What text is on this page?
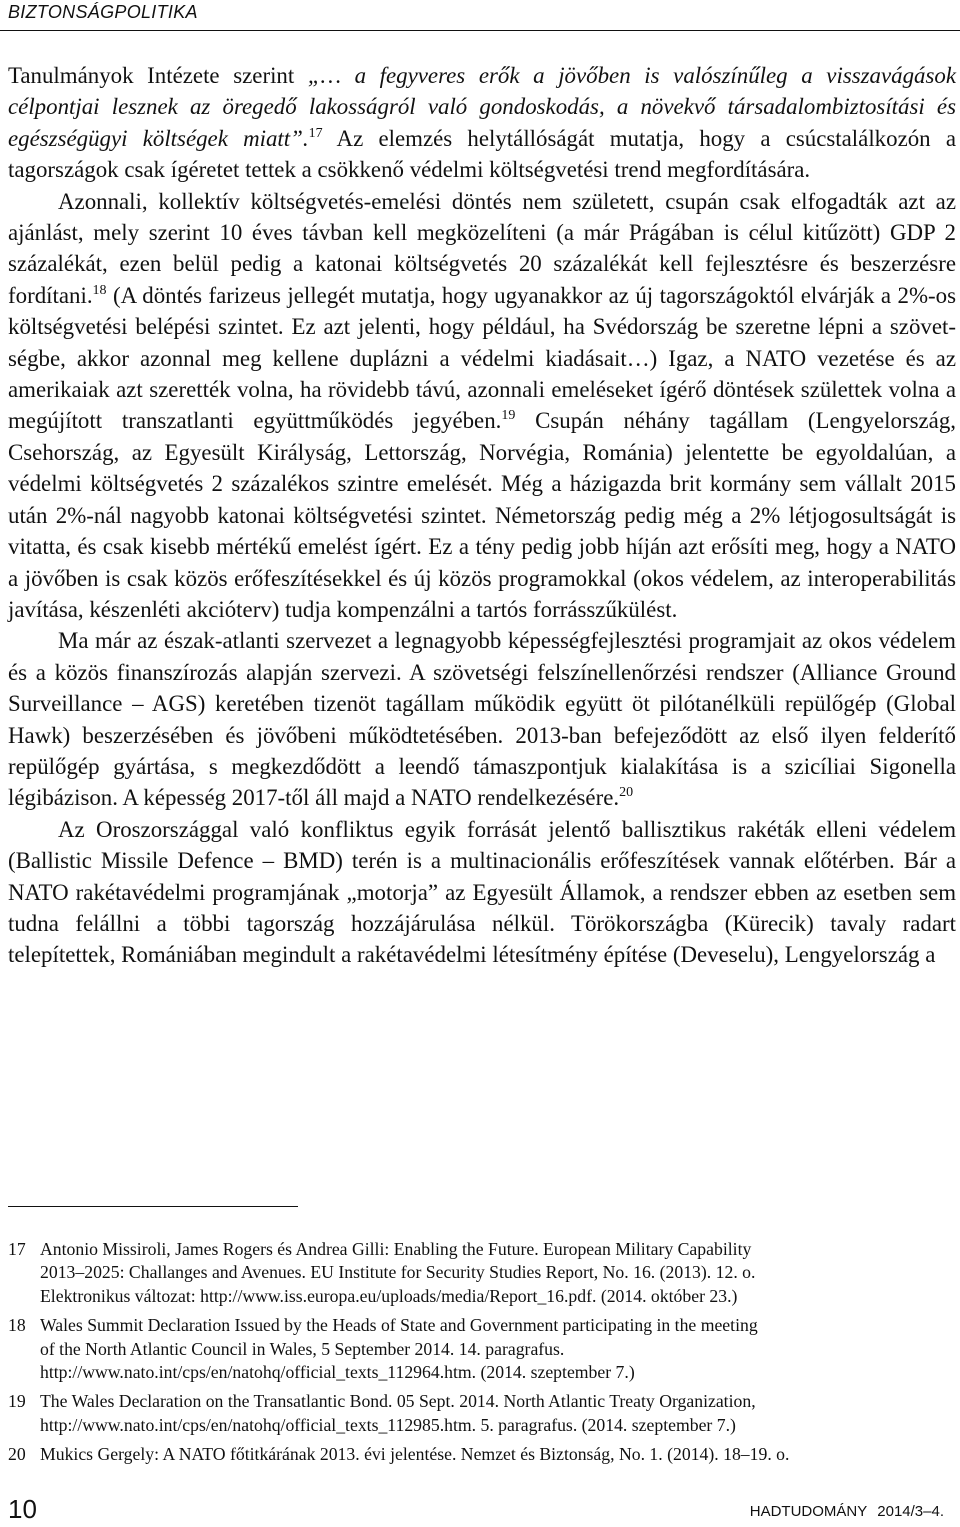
BIZTONSÁGPOLITIKA

Tanulmányok Intézete szerint „… a fegyveres erők a jövőben is valószínűleg a visszavágások célpontjai lesznek az öregedő lakosságról való gondoskodás, a növekvő társadalombiztosítási és egészségügyi költségek miatt”.$^{17}$ Az elemzés helytállóságát mutatja, hogy a csúcstalálkozón a tagországok csak ígéretet tettek a csökkenő védelmi költségvetési trend megfordítására.

Azonnali, kollektív költségvetés-emelési döntés nem született, csupán csak elfogadták azt az ajánlást, mely szerint 10 éves távban kell megközelíteni (a már Prágában is célul kitűzött) GDP 2 százalékát, ezen belül pedig a katonai költségvetés 20 százalékát kell fejlesztésre és beszerzésre fordítani.$^{18}$ (A döntés farizeus jellegét mutatja, hogy ugyanakkor az új tagországoktól elvárják a 2%-os költségvetési belépési szintet. Ez azt jelenti, hogy például, ha Svédország be szeretne lépni a szövetségbe, akkor azonnal meg kellene duplázni a védelmi kiadásait…) Igaz, a NATO vezetése és az amerikaiak azt szerették volna, ha rövidebb távú, azonnali emeléseket ígérő döntések születtek volna a megújított transzatlanti együttműködés jegyében.$^{19}$ Csupán néhány tagállam (Lengyelország, Csehország, az Egyesült Királyság, Lettország, Norvégia, Románia) jelentette be egyoldalúan, a védelmi költségvetés 2 százalékos szintre emelését. Még a házigazda brit kormány sem vállalt 2015 után 2%-nál nagyobb katonai költségvetési szintet. Németország pedig még a 2% létjogosultságát is vitatta, és csak kisebb mértékű emelést ígért. Ez a tény pedig jobb híján azt erősíti meg, hogy a NATO a jövőben is csak közös erőfeszítésekkel és új közös programokkal (okos védelem, az interoperabilitás javítása, készenléti akcióterv) tudja kompenzálni a tartós forrásszűkülést.

Ma már az észak-atlanti szervezet a legnagyobb képességfejlesztési programjait az okos védelem és a közös finanszírozás alapján szervezi. A szövetségi felszínellenőrzési rendszer (Alliance Ground Surveillance – AGS) keretében tizenöt tagállam működik együtt öt pilótanélküli repülőgép (Global Hawk) beszerzésében és jövőbeni működtetésében. 2013-ban befejeződött az első ilyen felderítő repülőgép gyártása, s megkezdődött a leendő támaszpontjuk kialakítása is a szicíliai Sigonella légibázison. A képesség 2017-től áll majd a NATO rendelkezésére.$^{20}$

Az Oroszországgal való konfliktus egyik forrását jelentő ballisztikus rakéták elleni védelem (Ballistic Missile Defence – BMD) terén is a multinacionális erőfeszítések vannak előtérben. Bár a NATO rakétavédelmi programjának „motorja” az Egyesült Államok, a rendszer ebben az esetben sem tudna felállni a többi tagország hozzájárulása nélkül. Törökországba (Kürecik) tavaly radart telepítettek, Romániában megindult a rakétavédelmi létesítmény építése (Deveselu), Lengyelország a

17 Antonio Missiroli, James Rogers és Andrea Gilli: Enabling the Future. European Military Capability
2013–2025: Challanges and Avenues. EU Institute for Security Studies Report, No. 16. (2013). 12. o.
Elektronikus változat: http://www.iss.europa.eu/uploads/media/Report_16.pdf. (2014. október 23.)
18 Wales Summit Declaration Issued by the Heads of State and Government participating in the meeting
of the North Atlantic Council in Wales, 5 September 2014. 14. paragrafus.
http://www.nato.int/cps/en/natohq/official_texts_112964.htm. (2014. szeptember 7.)
19 The Wales Declaration on the Transatlantic Bond. 05 Sept. 2014. North Atlantic Treaty Organization,
http://www.nato.int/cps/en/natohq/official_texts_112985.htm. 5. paragrafus. (2014. szeptember 7.)
20 Mukics Gergely: A NATO főtitkárának 2013. évi jelentése. Nemzet és Biztonság, No. 1. (2014). 18–19. o.
10	HADTUDOMÁNY 2014/3–4.
